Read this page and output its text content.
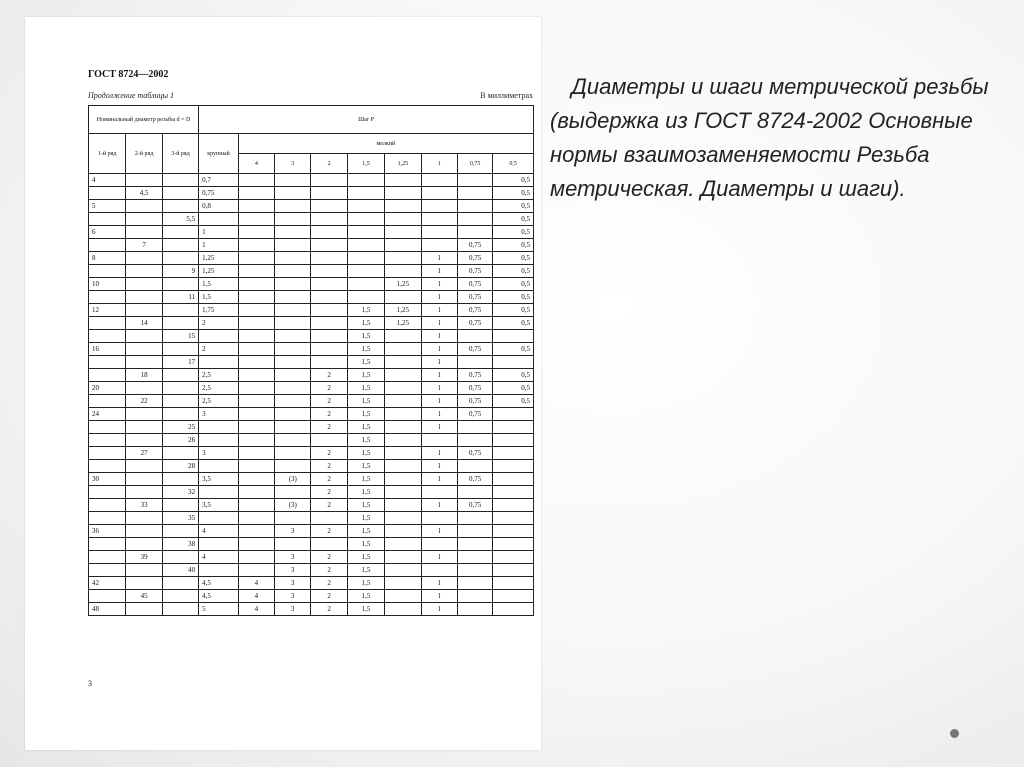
ГОСТ 8724—2002
Продолжение таблицы 1	В миллиметрах
Номинальный диаметр резьбы d = D			Шаг P								
1-й ряд	2-й ряд	3-й ряд	крупный	мелкий							
				4	3	2	1,5	1,25	1	0,75	0,5
4			0,7								0,5
	4,5		0,75								0,5
5			0,8								0,5
		5,5									0,5
6			1								0,5
	7		1							0,75	0,5
8			1,25						1	0,75	0,5
		9	1,25						1	0,75	0,5
10			1,5					1,25	1	0,75	0,5
		11	1,5						1	0,75	0,5
12			1,75				1,5	1,25	1	0,75	0,5
	14		2				1,5	1,25	1	0,75	0,5
		15					1,5		1		
16			2				1,5		1	0,75	0,5
		17					1,5		1		
	18		2,5			2	1,5		1	0,75	0,5
20			2,5			2	1,5		1	0,75	0,5
	22		2,5			2	1,5		1	0,75	0,5
24			3			2	1,5		1	0,75	
		25				2	1,5		1		
		26					1,5				
	27		3			2	1,5		1	0,75	
		28				2	1,5		1		
30			3,5		(3)	2	1,5		1	0,75	
		32				2	1,5				
	33		3,5		(3)	2	1,5		1	0,75	
		35					1,5				
36			4		3	2	1,5		1		
		38					1,5				
	39		4		3	2	1,5		1		
		40			3	2	1,5				
42			4,5	4	3	2	1,5		1		
	45		4,5	4	3	2	1,5		1		
48			5	4	3	2	1,5		1		
3
Диаметры и шаги метрической резьбы
(выдержка из ГОСТ 8724-2002 Основные нормы взаимозаменяемости Резьба метрическая. Диаметры и шаги).
